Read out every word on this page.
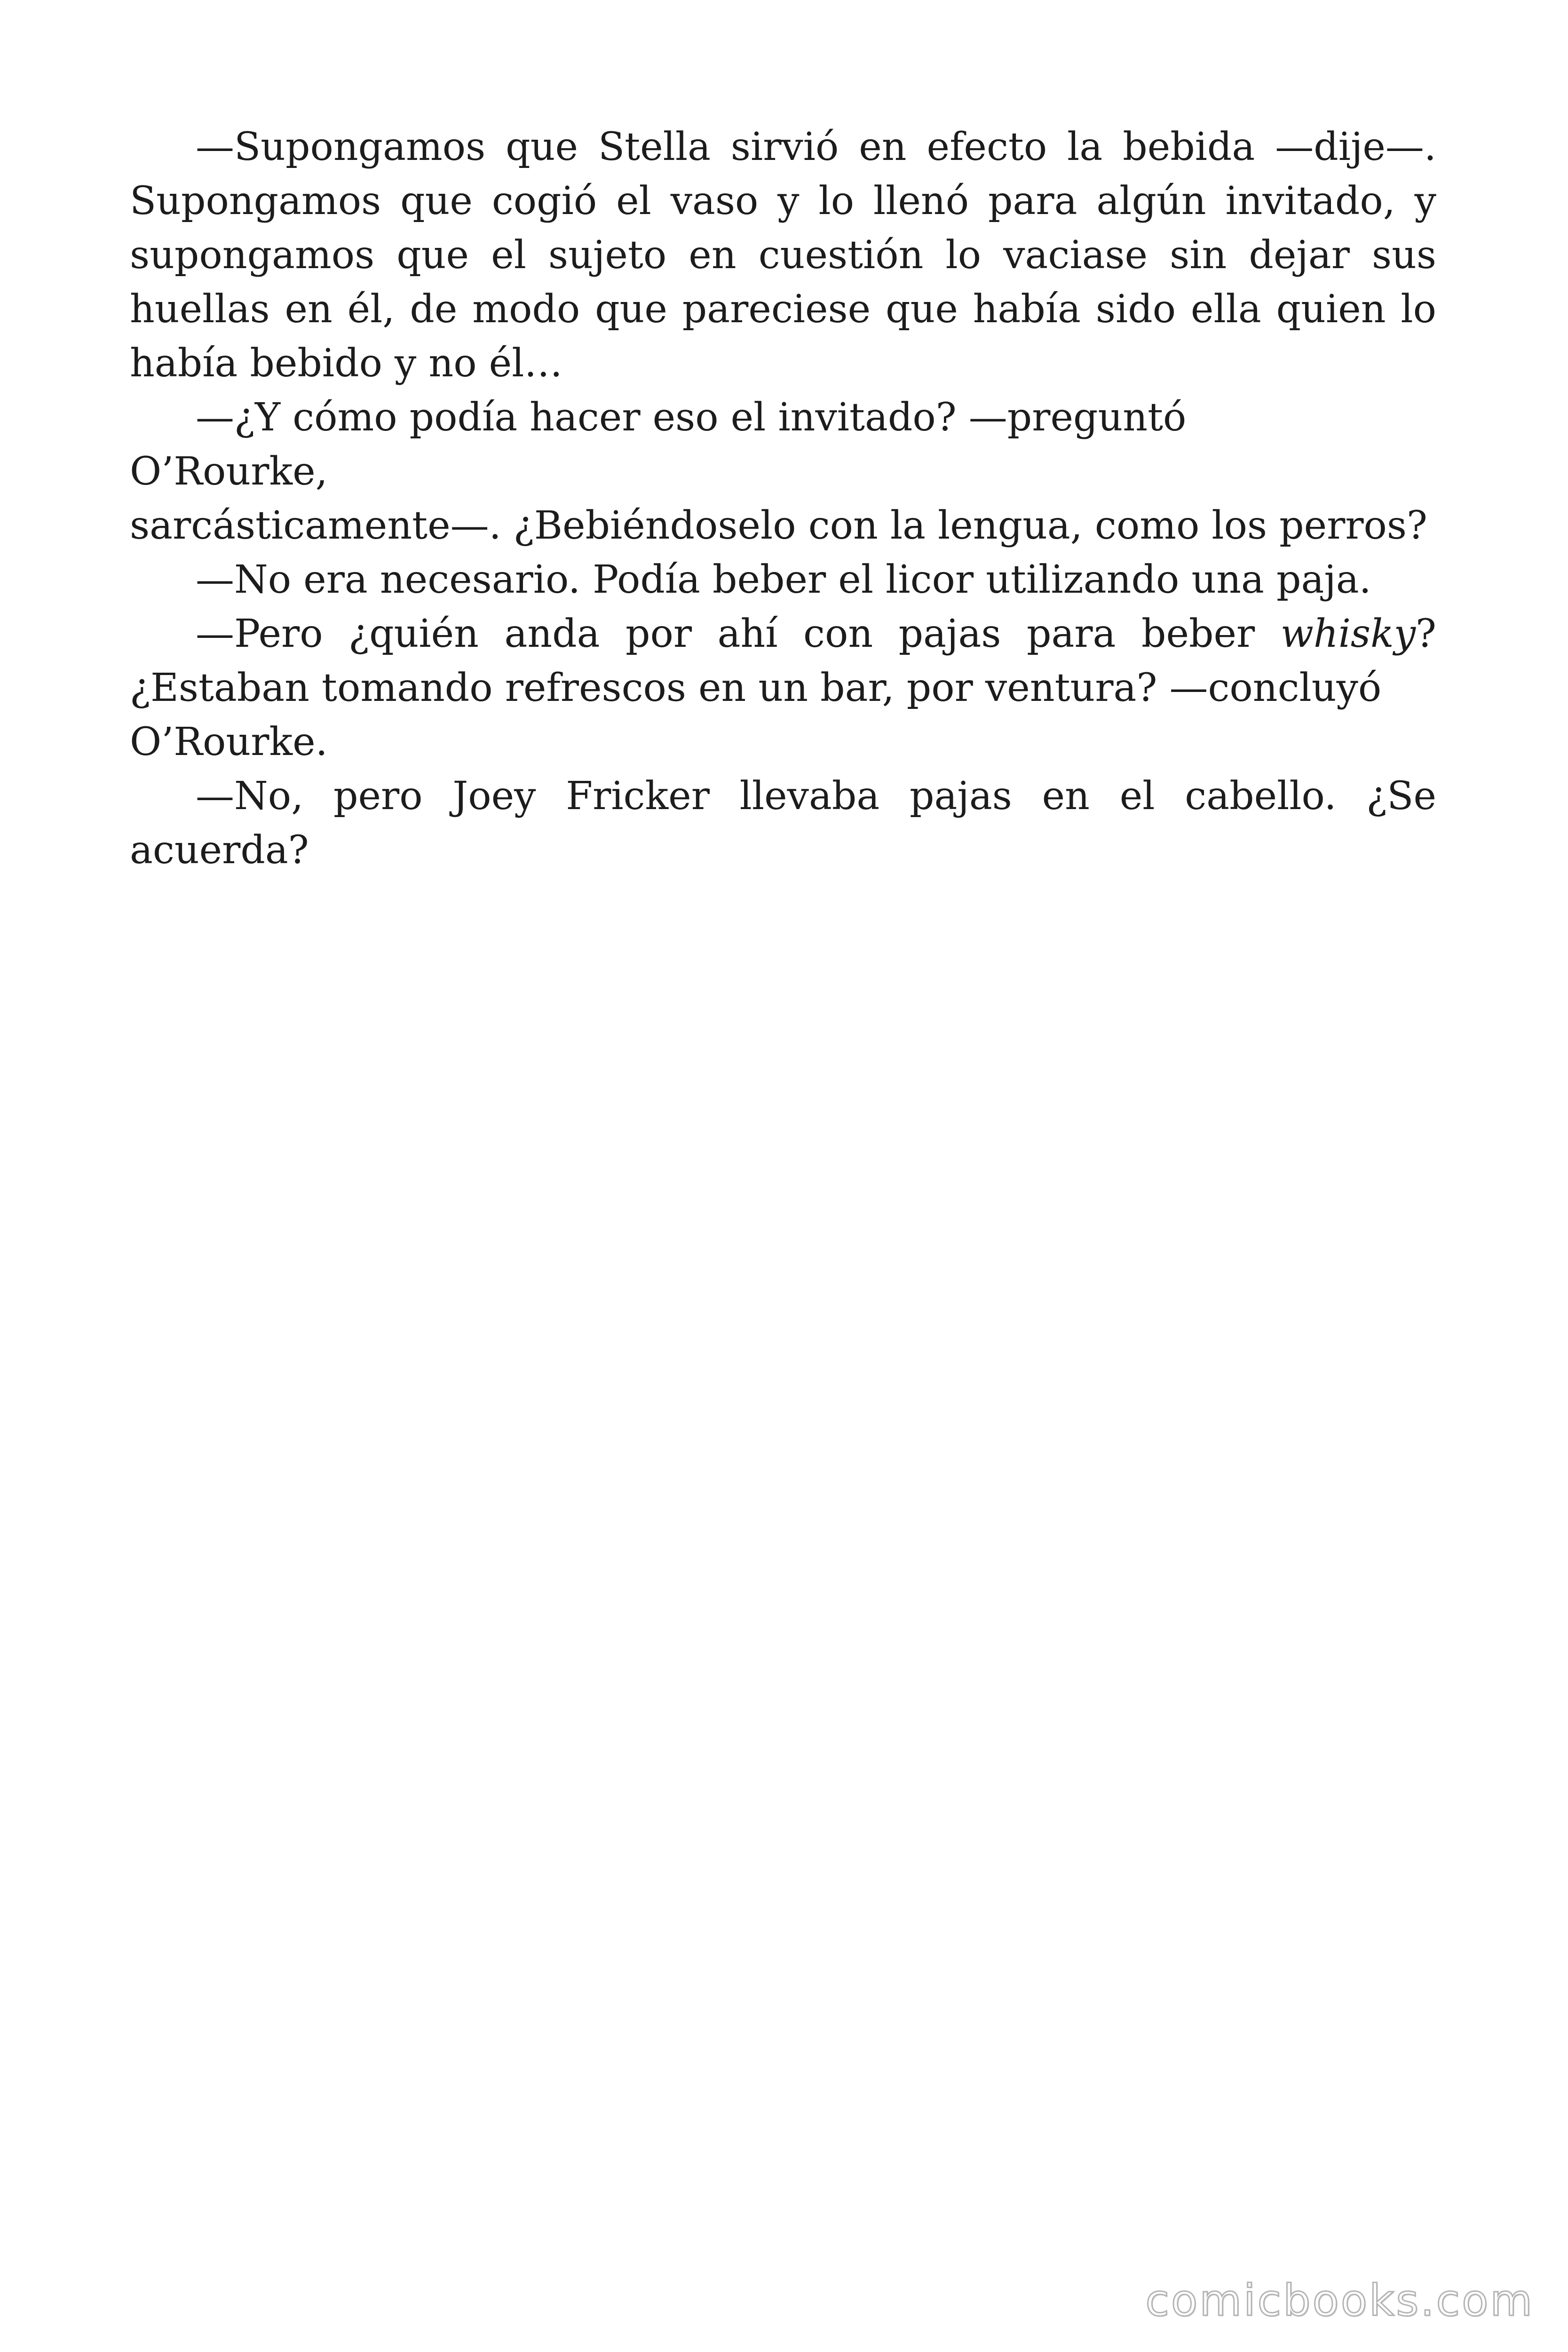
—Supongamos que Stella sirvió en efecto la bebida —dije—. Supongamos que cogió el vaso y lo llenó para algún invitado, y supongamos que el sujeto en cuestión lo vaciase sin dejar sus huellas en él, de modo que pareciese que había sido ella quien lo había bebido y no él…

—¿Y cómo podía hacer eso el invitado? —preguntó
O’Rourke,
sarcásticamente—. ¿Bebiéndoselo con la lengua, como los perros?

—No era necesario. Podía beber el licor utilizando una paja.

—Pero ¿quién anda por ahí con pajas para beber whisky?
¿Estaban tomando refrescos en un bar, por ventura? —concluyó
O’Rourke.

—No, pero Joey Fricker llevaba pajas en el cabello. ¿Se acuerda?

comicbooks.com
